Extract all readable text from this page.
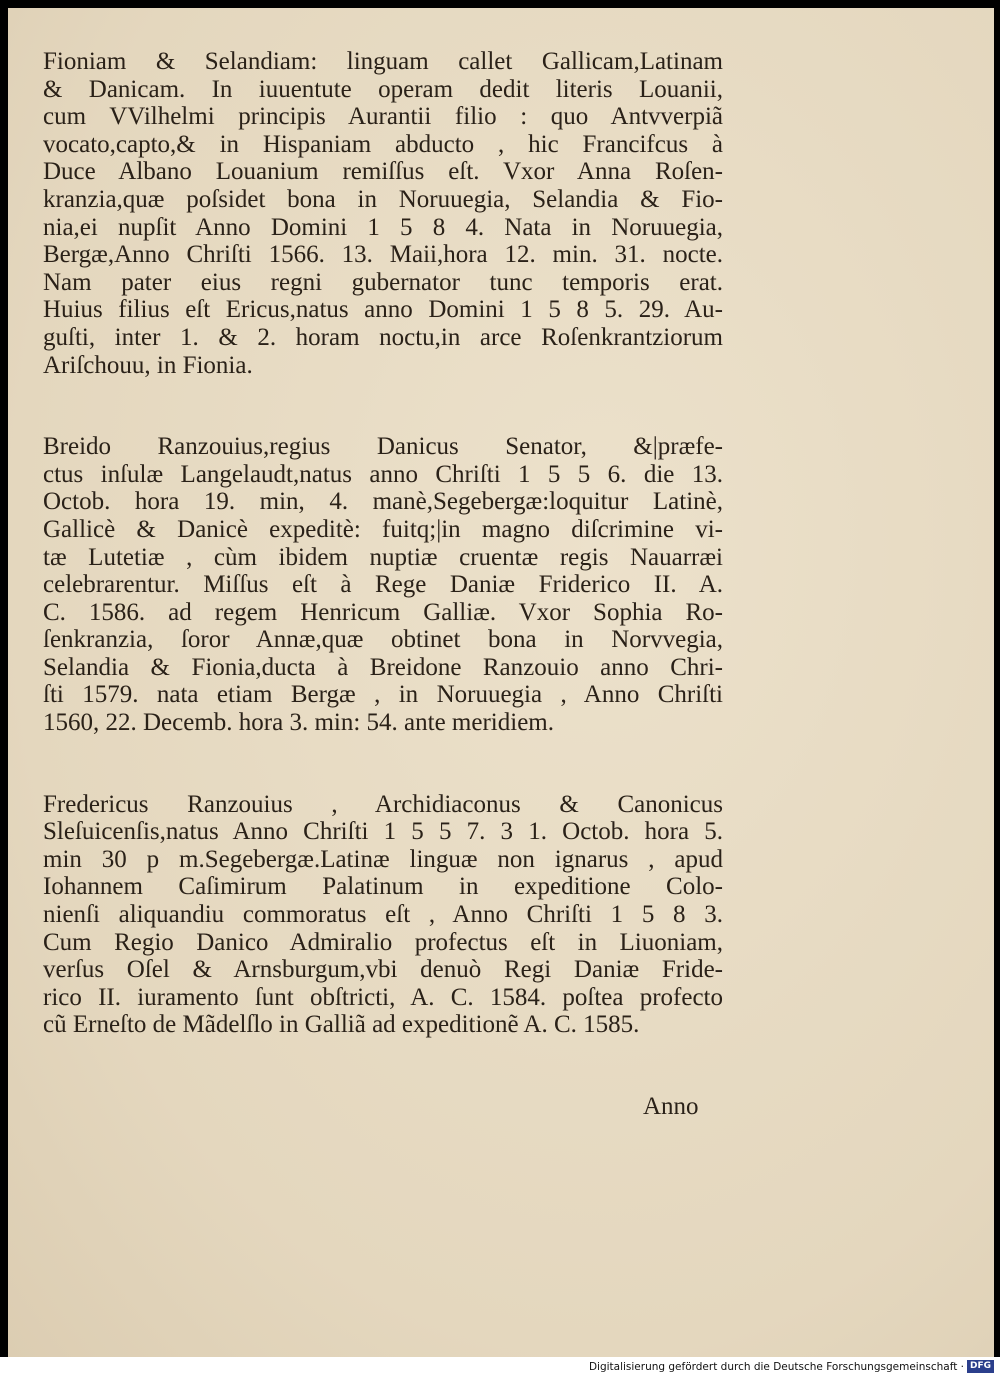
Fioniam & Selandiam: linguam callet Gallicam,Latinam
& Danicam. In iuuentute operam dedit literis Louanii,
cum VVilhelmi principis Aurantii filio : quo Antvverpiã
vocato,capto,& in Hispaniam abducto , hic Francifcus à
Duce Albano Louanium remiſſus eſt. Vxor Anna Roſen-
kranzia,quæ poſsidet bona in Noruuegia, Selandia & Fio-
nia,ei nupſit Anno Domini 1 5 8 4. Nata in Noruuegia,
Bergæ,Anno Chriſti 1566. 13. Maii,hora 12. min. 31. nocte.
Nam pater eius regni gubernator tunc temporis erat.
Huius filius eſt Ericus,natus anno Domini 1 5 8 5. 29. Au-
guſti, inter 1. & 2. horam noctu,in arce Roſenkrantziorum
Ariſchouu, in Fionia.
Breido Ranzouius,regius Danicus Senator, &|præfe-
ctus inſulæ Langelaudt,natus anno Chriſti 1 5 5 6. die 13.
Octob. hora 19. min, 4. manè,Segebergæ:loquitur Latinè,
Gallicè & Danicè expeditè: fuitq;|in magno diſcrimine vi-
tæ Lutetiæ , cùm ibidem nuptiæ cruentæ regis Nauarræi
celebrarentur. Miſſus eſt à Rege Daniæ Friderico II. A.
C. 1586. ad regem Henricum Galliæ. Vxor Sophia Ro-
ſenkranzia, ſoror Annæ,quæ obtinet bona in Norvvegia,
Selandia & Fionia,ducta à Breidone Ranzouio anno Chri-
ſti 1579. nata etiam Bergæ , in Noruuegia , Anno Chriſti
1560, 22. Decemb. hora 3. min: 54. ante meridiem.
Fredericus Ranzouius , Archidiaconus & Canonicus
Sleſuicenſis,natus Anno Chriſti 1 5 5 7. 3 1. Octob. hora 5.
min 30 p m.Segebergæ.Latinæ linguæ non ignarus , apud
Iohannem Caſimirum Palatinum in expeditione Colo-
nienſi aliquandiu commoratus eſt , Anno Chriſti 1 5 8 3.
Cum Regio Danico Admiralio profectus eſt in Liuoniam,
verſus Oſel & Arnsburgum,vbi denuò Regi Daniæ Fride-
rico II. iuramento ſunt obſtricti, A. C. 1584. poſtea profecto
cũ Erneſto de Mãdelſlo in Galliã ad expeditionẽ A. C. 1585.
Anno
Digitalisierung gefördert durch die Deutsche Forschungsgemeinschaft · DFG
